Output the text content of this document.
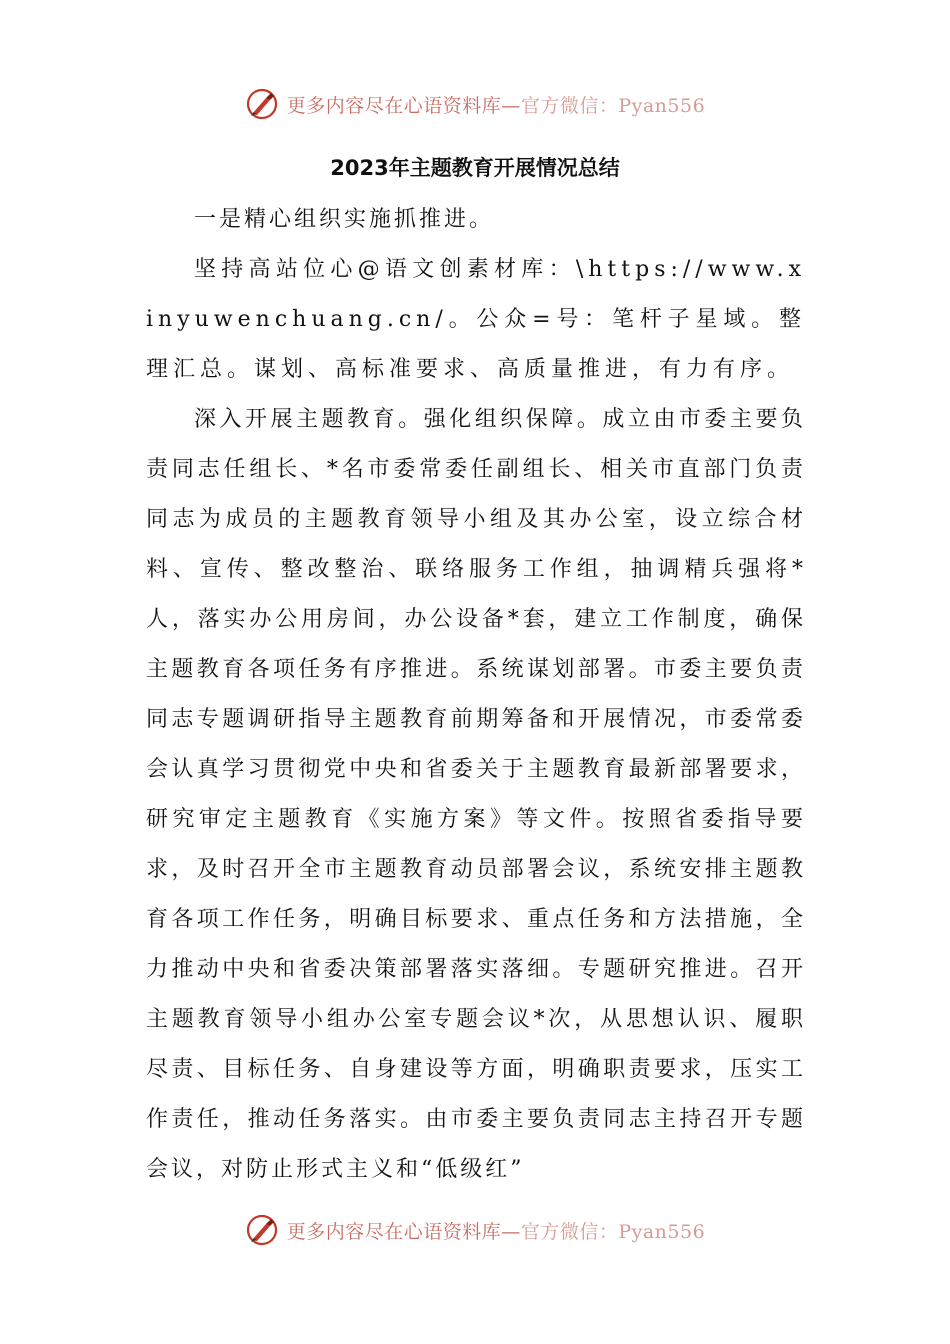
更多内容尽在心语资料库—官方微信：Pyan556
2023年主题教育开展情况总结

一是精心组织实施抓推进。

坚持高站位心@语文创素材库：\https://www.xinyuwenchuang.cn/。公众=号：笔杆子星域。整理汇总。谋划、高标准要求、高质量推进，有力有序。

深入开展主题教育。强化组织保障。成立由市委主要负责同志任组长、*名市委常委任副组长、相关市直部门负责同志为成员的主题教育领导小组及其办公室，设立综合材料、宣传、整改整治、联络服务工作组，抽调精兵强将*人，落实办公用房间，办公设备*套，建立工作制度，确保主题教育各项任务有序推进。系统谋划部署。市委主要负责同志专题调研指导主题教育前期筹备和开展情况，市委常委会认真学习贯彻党中央和省委关于主题教育最新部署要求，研究审定主题教育《实施方案》等文件。按照省委指导要求，及时召开全市主题教育动员部署会议，系统安排主题教育各项工作任务，明确目标要求、重点任务和方法措施，全力推动中央和省委决策部署落实落细。专题研究推进。召开主题教育领导小组办公室专题会议*次，从思想认识、履职尽责、目标任务、自身建设等方面，明确职责要求，压实工作责任，推动任务落实。由市委主要负责同志主持召开专题会议，对防止形式主义和“低级红”

更多内容尽在心语资料库—官方微信：Pyan556
